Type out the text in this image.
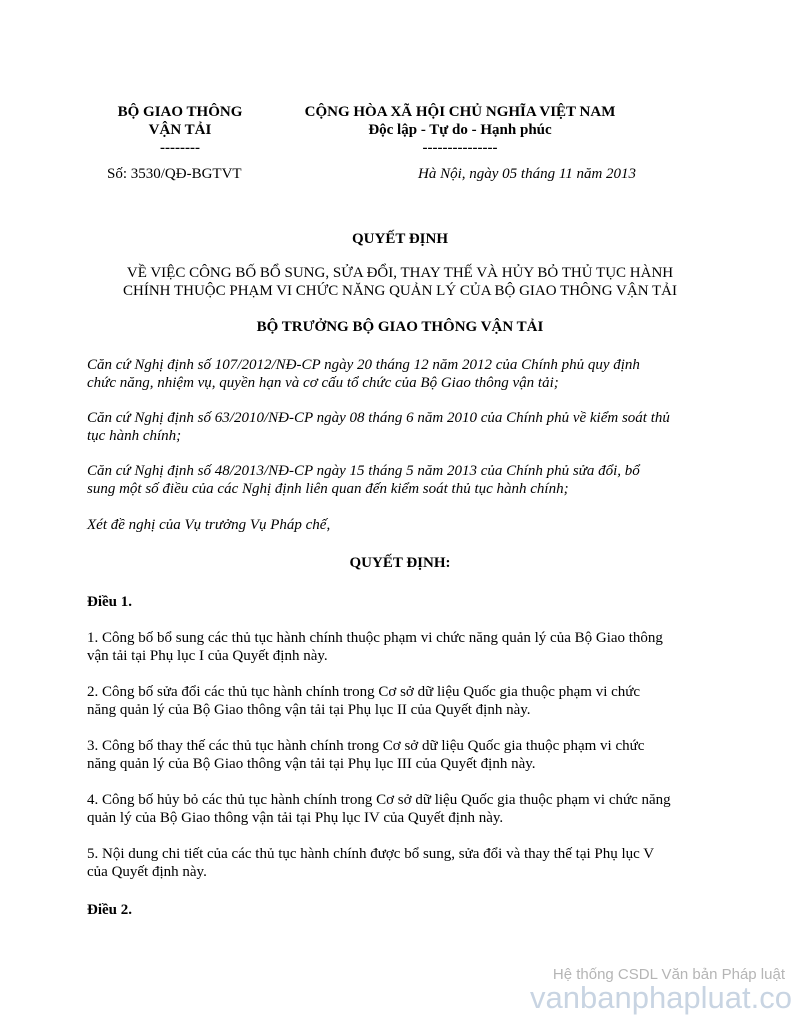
BỘ GIAO THÔNG
VẬN TẢI
--------
CỘNG HÒA XÃ HỘI CHỦ NGHĨA VIỆT NAM
Độc lập - Tự do - Hạnh phúc
---------------
Số: 3530/QĐ-BGTVT	Hà Nội, ngày 05 tháng 11 năm 2013
QUYẾT ĐỊNH
VỀ VIỆC CÔNG BỐ BỔ SUNG, SỬA ĐỔI, THAY THẾ VÀ HỦY BỎ THỦ TỤC HÀNH
CHÍNH THUỘC PHẠM VI CHỨC NĂNG QUẢN LÝ CỦA BỘ GIAO THÔNG VẬN TẢI
BỘ TRƯỞNG BỘ GIAO THÔNG VẬN TẢI
Căn cứ Nghị định số 107/2012/NĐ-CP ngày 20 tháng 12 năm 2012 của Chính phủ quy định
chức năng, nhiệm vụ, quyền hạn và cơ cấu tổ chức của Bộ Giao thông vận tải;
Căn cứ Nghị định số 63/2010/NĐ-CP ngày 08 tháng 6 năm 2010 của Chính phủ về kiểm soát thủ
tục hành chính;
Căn cứ Nghị định số 48/2013/NĐ-CP ngày 15 tháng 5 năm 2013 của Chính phủ sửa đổi, bổ
sung một số điều của các Nghị định liên quan đến kiểm soát thủ tục hành chính;
Xét đề nghị của Vụ trưởng Vụ Pháp chế,
QUYẾT ĐỊNH:
Điều 1.
1. Công bố bổ sung các thủ tục hành chính thuộc phạm vi chức năng quản lý của Bộ Giao thông
vận tải tại Phụ lục I của Quyết định này.
2. Công bố sửa đổi các thủ tục hành chính trong Cơ sở dữ liệu Quốc gia thuộc phạm vi chức
năng quản lý của Bộ Giao thông vận tải tại Phụ lục II của Quyết định này.
3. Công bố thay thế các thủ tục hành chính trong Cơ sở dữ liệu Quốc gia thuộc phạm vi chức
năng quản lý của Bộ Giao thông vận tải tại Phụ lục III của Quyết định này.
4. Công bố hủy bỏ các thủ tục hành chính trong Cơ sở dữ liệu Quốc gia thuộc phạm vi chức năng
quản lý của Bộ Giao thông vận tải tại Phụ lục IV của Quyết định này.
5. Nội dung chi tiết của các thủ tục hành chính được bổ sung, sửa đổi và thay thế tại Phụ lục V
của Quyết định này.
Điều 2.
Hệ thống CSDL Văn bản Pháp luật
vanbanphapluat.co
